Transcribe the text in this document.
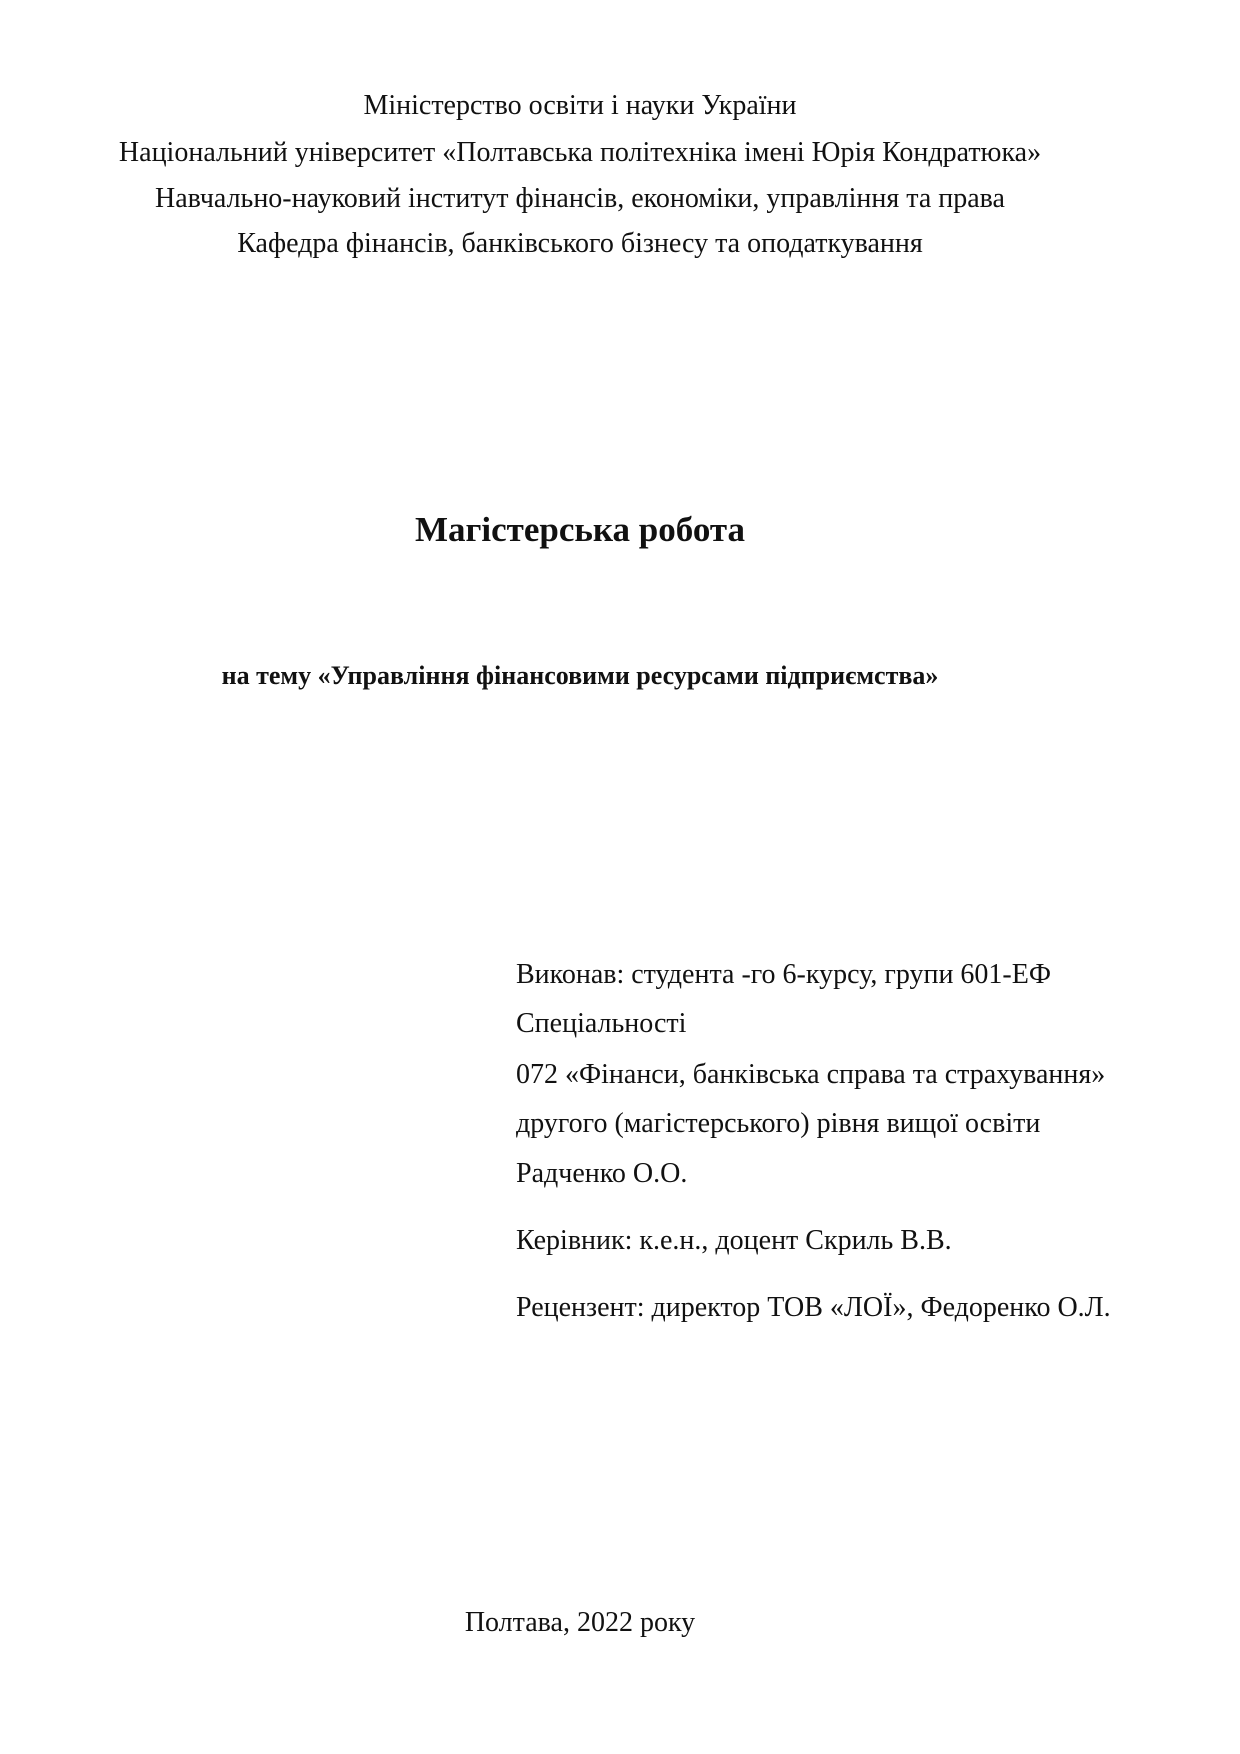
Міністерство освіти і науки України
Національний університет «Полтавська політехніка імені Юрія Кондратюка»
Навчально-науковий інститут фінансів, економіки, управління та права
Кафедра фінансів, банківського бізнесу та оподаткування
Магістерська робота
на тему «Управління фінансовими ресурсами підприємства»
Виконав: студента -го 6-курсу, групи 601-ЕФ
Спеціальності
072 «Фінанси, банківська справа та страхування»
другого (магістерського) рівня вищої освіти
Радченко О.О.
Керівник: к.е.н., доцент Скриль В.В.
Рецензент: директор ТОВ «ЛОЇ», Федоренко О.Л.
Полтава, 2022 року
